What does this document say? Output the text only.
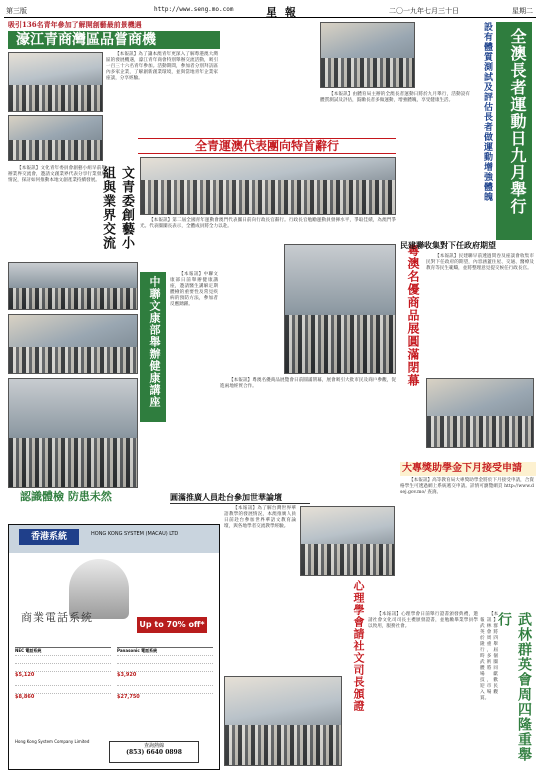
第三版	http://www.seng.mo.com	星 報	二〇一九年七月三十日	星期二
吸引136名青年參加了解開創藝最前景機遇
濠江青商灣區品嘗商機

【本報訊】為了讓本澳青年更深入了解粵港澳大灣區的發展機遇，濠江青年商會特別舉辦交流活動，吸引一百三十六名青年參加。活動期間，參加者分別拜訪區內多家企業，了解創新創業環境，並與當地青年企業家座談，分享經驗。

文青委創藝小組與業界交流

【本報訊】文化青年委員會創藝小組早前舉辦業界交流會，邀請文創業界代表分享行業發展情況，探討如何推動本地文創產業持續發展。

全青運澳代表團向特首辭行

【本報訊】第二屆全國青年運動會澳門代表團日前向行政長官辭行。行政長官勉勵運動員發揮水平，爭取佳績，為澳門爭光。代表團團長表示，全體成員將全力以赴。

中聯文康部舉辦健康講座

【本報訊】中聯文康部日前舉辦健康講座，邀請醫生講解定期體檢的重要性及常見疾病的預防方法，參加者反應踴躍。

認識體檢 防患未然	圓滿推廣人員赴台參加世華論壇

【本報訊】為了解台灣世界華語教學的發展情況，本澳推廣人員日前赴台參加世界華語文教育論壇，與各地學者交流教學經驗。

全澳長者運動日九月舉行
設有體質測試及評估長者做運動增強體魄

【本報訊】由體育局主辦的全澳長者運動日將於九月舉行，活動設有體質測試及評估，鼓勵長者多做運動，增強體魄，享受健康生活。

粵澳名優商品展圓滿閉幕

【本報訊】粵澳名優商品展覽會日前圓滿閉幕，展會吸引大批市民及商戶參觀，促進兩地經貿合作。

民建聯收集對下任政府期望

【本報訊】民建聯早前透過問卷及座談會收集市民對下任政府的期望，內容涵蓋住屋、交通、醫療及教育等民生範疇，並將整理意見提交候任行政長官。

大專獎助學金下月接受申請

【本報訊】高等教育局大專獎助學金將於下月接受申請，合資格學生可透過網上系統遞交申請。詳情可瀏覽網頁 http://www.dsej.gov.mo/ 查詢。

心理學會請社文司長頒證	【本報訊】心理學會日前舉行證書頒發典禮，邀請社會文化司司長主禮頒發證書，並勉勵畢業學員學以致用，服務社會。	武林群英會周四隆重舉行

【本報訊】武林群英會將於周四隆重舉行，屆時多個武術團體將同場獻技，歡迎市民入場觀賞。

香港系統	HONG KONG SYSTEM (MACAU) LTD
商業電話系統
Up to 70% off*
NEC 電話系統
$5,120
$8,860
Panasonic 電話系統
$3,920
$27,750
Hong Kong System Company Limited
查詢熱線
(853) 6640 0898
